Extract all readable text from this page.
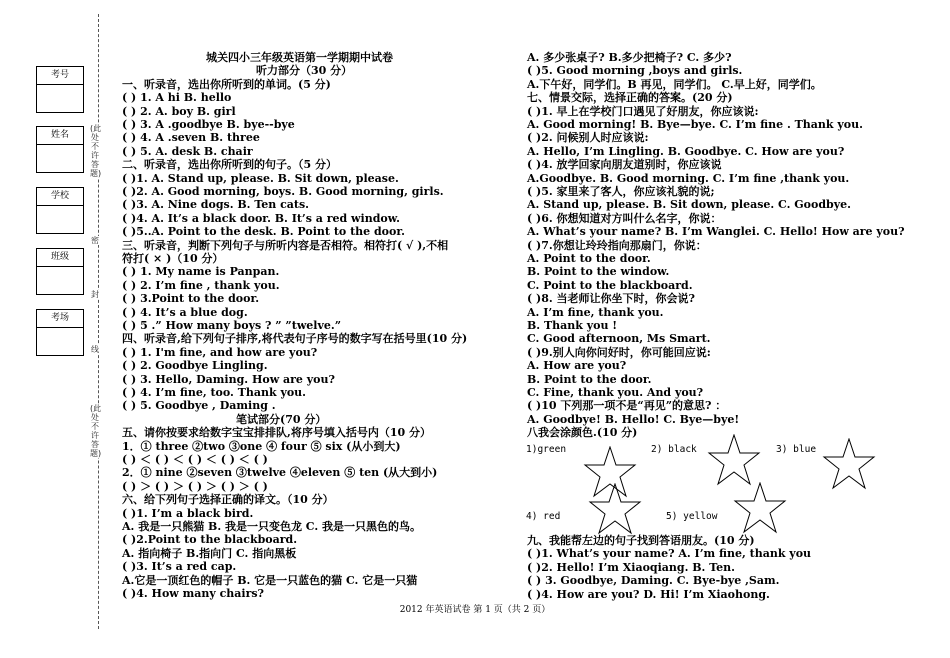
考号
姓名
学校
班级
考场
(此处不许答题)
密
封
线
(此处不许答题)
城关四小三年级英语第一学期期中试卷
听力部分（30 分）
一、听录音，选出你所听到的单词。(5 分)
( ) 1. A hi B. hello
( ) 2. A. boy B. girl
( ) 3. A .goodbye B. bye--bye
( ) 4. A .seven B. three
( ) 5. A. desk B. chair
二、听录音，选出你所听到的句子。（5 分）
( )1. A. Stand up, please. B. Sit down, please.
( )2. A. Good morning, boys. B. Good morning, girls.
( )3. A. Nine dogs. B. Ten cats.
( )4. A. It’s a black door. B. It’s a red window.
( )5..A. Point to the desk. B. Point to the door.
三、听录音，判断下列句子与所听内容是否相符。相符打( √ ),不相
符打( × )（10 分）
( ) 1. My name is Panpan.
( ) 2. I’m fine , thank you.
( ) 3.Point to the door.
( ) 4. It’s a blue dog.
( ) 5 .” How many boys ? ” ”twelve.”
四、听录音,给下列句子排序,将代表句子序号的数字写在括号里(10 分)
( ) 1. I'm fine, and how are you?
( ) 2. Goodbye Lingling.
( ) 3. Hello, Daming. How are you?
( ) 4. I’m fine, too. Thank you.
( ) 5. Goodbye , Daming .
笔试部分(70 分）
五、请你按要求给数字宝宝排排队,将序号填入括号内（10 分）
1．① three ②two ③one ④ four ⑤ six (从小到大)
( ) ＜ ( ) ＜ ( ) ＜ ( ) ＜ ( )
2．① nine ②seven ③twelve ④eleven ⑤ ten (从大到小)
( ) ＞ ( ) ＞ ( ) ＞ ( ) ＞ ( )
六、给下列句子选择正确的译文。（10 分）
( )1. I’m a black bird.
A. 我是一只熊猫 B. 我是一只变色龙 C. 我是一只黑色的鸟。
( )2.Point to the blackboard.
A. 指向椅子 B.指向门 C. 指向黑板
( )3. It’s a red cap.
A.它是一顶红色的帽子 B. 它是一只蓝色的猫 C. 它是一只猫
( )4. How many chairs?
A. 多少张桌子? B.多少把椅子? C. 多少?
( )5. Good morning ,boys and girls.
A.下午好，同学们。B 再见，同学们。 C.早上好，同学们。
七、情景交际，选择正确的答案。(20 分)
( )1. 早上在学校门口遇见了好朋友，你应该说:
A. Good morning! B. Bye—bye. C. I’m fine . Thank you.
( )2. 问候别人时应该说:
A. Hello, I’m Lingling. B. Goodbye. C. How are you?
( )4. 放学回家向朋友道别时，你应该说
A.Goodbye. B. Good morning. C. I’m fine ,thank you.
( )5. 家里来了客人，你应该礼貌的说;
A. Stand up, please. B. Sit down, please. C. Goodbye.
( )6. 你想知道对方叫什么名字，你说：
A. What’s your name? B. I’m Wanglei. C. Hello! How are you?
( )7.你想让玲玲指向那扇门，你说：
A. Point to the door.
B. Point to the window.
C. Point to the blackboard.
( )8. 当老师让你坐下时，你会说?
A. I’m fine, thank you.
B. Thank you !
C. Good afternoon, Ms Smart.
( )9.别人向你问好时，你可能回应说:
A. How are you?
B. Point to the door.
C. Fine, thank you. And you?
( )10 下列那一项不是“再见”的意思? ：
A. Goodbye! B. Hello! C. Bye—bye!
八我会涂颜色.(10 分)
九、我能帮左边的句子找到答语朋友。(10 分)
( )1. What’s your name? A. I’m fine, thank you
( )2. Hello! I’m Xiaoqiang. B. Ten.
( ) 3. Goodbye, Daming. C. Bye-bye ,Sam.
( )4. How are you? D. Hi! I’m Xiaohong.
1)green	2) black	3) blue
4) red	5) yellow
2012 年英语试卷 第 1 页（共 2 页）
